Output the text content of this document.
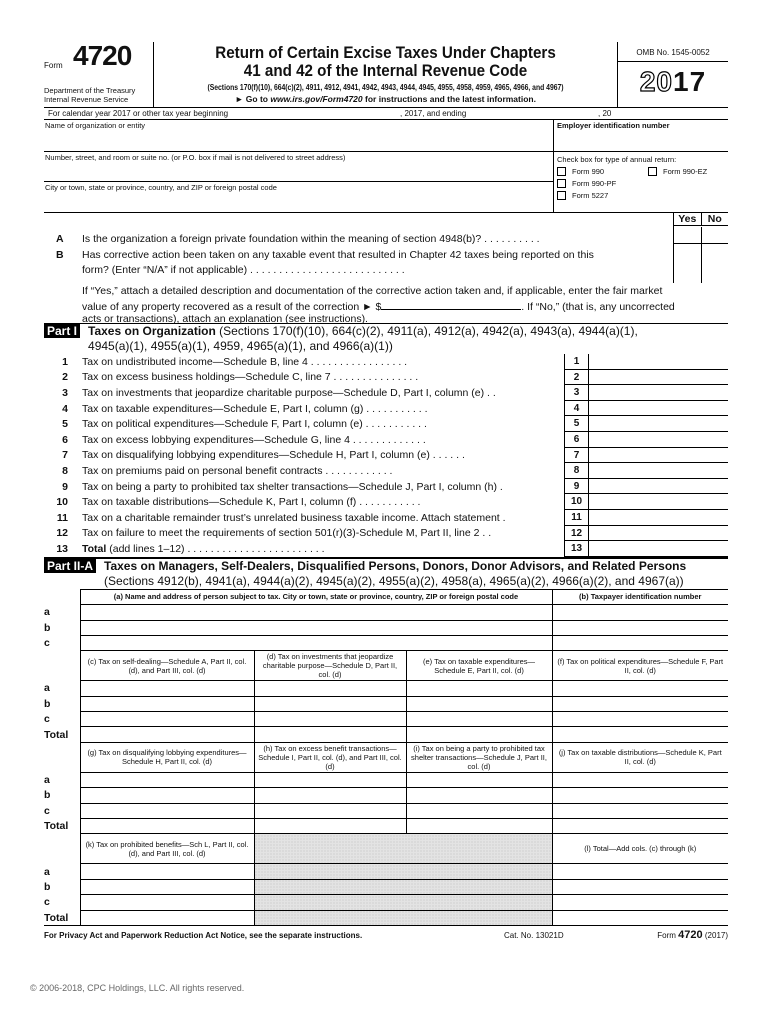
Form 4720
Department of the Treasury
Internal Revenue Service
Return of Certain Excise Taxes Under Chapters
41 and 42 of the Internal Revenue Code
(Sections 170(f)(10), 664(c)(2), 4911, 4912, 4941, 4942, 4943, 4944, 4945, 4955, 4958, 4959, 4965, 4966, and 4967)
► Go to www.irs.gov/Form4720 for instructions and the latest information.
OMB No. 1545-0052
2017
For calendar year 2017 or other tax year beginning	, 2017, and ending	, 20
Name of organization or entity
Number, street, and room or suite no. (or P.O. box if mail is not delivered to street address)
City or town, state or province, country, and ZIP or foreign postal code
Employer identification number
Check box for type of annual return:
Form 990	Form 990-EZ
Form 990-PF
Form 5227
Yes	No
A Is the organization a foreign private foundation within the meaning of section 4948(b)? . . . . . . . . . .
B Has corrective action been taken on any taxable event that resulted in Chapter 42 taxes being reported on this
form? (Enter “N/A” if not applicable) . . . . . . . . . . . . . . . . . . . . . . . . . . .
If “Yes,” attach a detailed description and documentation of the corrective action taken and, if applicable, enter the fair market
value of any property recovered as a result of the correction ► $	. If “No,” (that is, any uncorrected
acts or transactions), attach an explanation (see instructions).
Part I Taxes on Organization (Sections 170(f)(10), 664(c)(2), 4911(a), 4912(a), 4942(a), 4943(a), 4944(a)(1),
4945(a)(1), 4955(a)(1), 4959, 4965(a)(1), and 4966(a)(1))
1	Tax on undistributed income—Schedule B, line 4 . . . . . . . . . . . . . . . . .	1
2	Tax on excess business holdings—Schedule C, line 7 . . . . . . . . . . . . . . .	2
3	Tax on investments that jeopardize charitable purpose—Schedule D, Part I, column (e) . .	3
4	Tax on taxable expenditures—Schedule E, Part I, column (g) . . . . . . . . . . .	4
5	Tax on political expenditures—Schedule F, Part I, column (e) . . . . . . . . . . .	5
6	Tax on excess lobbying expenditures—Schedule G, line 4 . . . . . . . . . . . . .	6
7	Tax on disqualifying lobbying expenditures—Schedule H, Part I, column (e) . . . . . .	7
8	Tax on premiums paid on personal benefit contracts . . . . . . . . . . . .	8
9	Tax on being a party to prohibited tax shelter transactions—Schedule J, Part I, column (h) .	9
10	Tax on taxable distributions—Schedule K, Part I, column (f) . . . . . . . . . . .	10
11	Tax on a charitable remainder trust’s unrelated business taxable income. Attach statement .	11
12	Tax on failure to meet the requirements of section 501(r)(3)-Schedule M, Part II, line 2 . .	12
13	Total (add lines 1–12) . . . . . . . . . . . . . . . . . . . . . . . .	13
Part II-A Taxes on Managers, Self-Dealers, Disqualified Persons, Donors, Donor Advisors, and Related Persons
(Sections 4912(b), 4941(a), 4944(a)(2), 4945(a)(2), 4955(a)(2), 4958(a), 4965(a)(2), 4966(a)(2), and 4967(a))
	(a) Name and address of person subject to tax. City or town, state or province, country, ZIP or foreign postal code			(b) Taxpayer identification number
a				
b				
c				
	(c) Tax on self-dealing—Schedule A, Part II, col. (d), and Part III, col. (d)	(d) Tax on investments that jeopardize charitable purpose—Schedule D, Part II, col. (d)	(e) Tax on taxable expenditures—Schedule E, Part II, col. (d)	(f) Tax on political expenditures—Schedule F, Part II, col. (d)
a				
b				
c				
Total				
	(g) Tax on disqualifying lobbying expenditures—Schedule H, Part II, col. (d)	(h) Tax on excess benefit transactions—Schedule I, Part II, col. (d), and Part III, col. (d)	(i) Tax on being a party to prohibited tax shelter transactions—Schedule J, Part II, col. (d)	(j) Tax on taxable distributions—Schedule K, Part II, col. (d)
a				
b				
c				
Total				
	(k) Tax on prohibited benefits—Sch L, Part II, col. (d), and Part III, col. (d)			(l) Total—Add cols. (c) through (k)
a				
b				
c				
Total				
For Privacy Act and Paperwork Reduction Act Notice, see the separate instructions.	Cat. No. 13021D	Form 4720 (2017)
© 2006-2018, CPC Holdings, LLC. All rights reserved.
